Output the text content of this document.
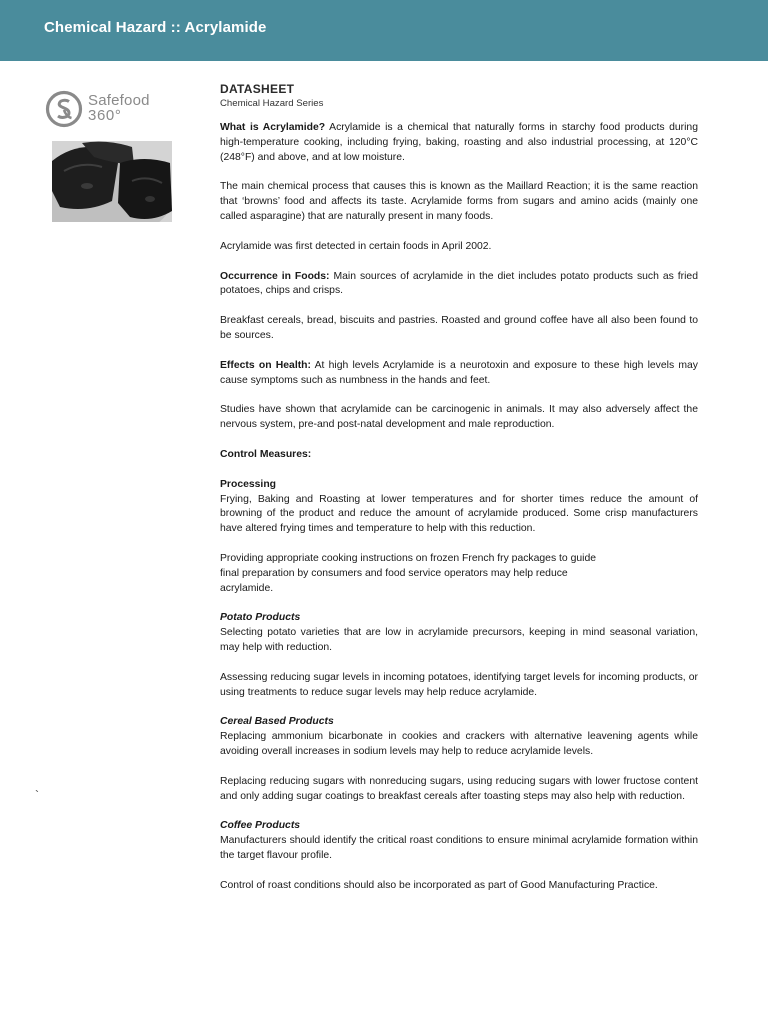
Chemical Hazard :: Acrylamide
Safefood
360°
`
DATASHEET
Chemical Hazard Series

What is Acrylamide? Acrylamide is a chemical that naturally forms in starchy food products during high-temperature cooking, including frying, baking, roasting and also industrial processing, at 120°C (248°F) and above, and at low moisture.

The main chemical process that causes this is known as the Maillard Reaction; it is the same reaction that ‘browns’ food and affects its taste. Acrylamide forms from sugars and amino acids (mainly one called asparagine) that are naturally present in many foods.

Acrylamide was first detected in certain foods in April 2002.

Occurrence in Foods: Main sources of acrylamide in the diet includes potato products such as fried potatoes, chips and crisps.

Breakfast cereals, bread, biscuits and pastries. Roasted and ground coffee have all also been found to be sources.

Effects on Health: At high levels Acrylamide is a neurotoxin and exposure to these high levels may cause symptoms such as numbness in the hands and feet.

Studies have shown that acrylamide can be carcinogenic in animals. It may also adversely affect the nervous system, pre-and post-natal development and male reproduction.

Control Measures:

Processing
Frying, Baking and Roasting at lower temperatures and for shorter times reduce the amount of browning of the product and reduce the amount of acrylamide produced. Some crisp manufacturers have altered frying times and temperature to help with this reduction.

Providing appropriate cooking instructions on frozen French fry packages to guide
final preparation by consumers and food service operators may help reduce
acrylamide.

Potato Products
Selecting potato varieties that are low in acrylamide precursors, keeping in mind seasonal variation, may help with reduction.

Assessing reducing sugar levels in incoming potatoes, identifying target levels for incoming products, or using treatments to reduce sugar levels may help reduce acrylamide.

Cereal Based Products
Replacing ammonium bicarbonate in cookies and crackers with alternative leavening agents while avoiding overall increases in sodium levels may help to reduce acrylamide levels.

Replacing reducing sugars with nonreducing sugars, using reducing sugars with lower fructose content and only adding sugar coatings to breakfast cereals after toasting steps may also help with reduction.

Coffee Products
Manufacturers should identify the critical roast conditions to ensure minimal acrylamide formation within the target flavour profile.

Control of roast conditions should also be incorporated as part of Good Manufacturing Practice.
